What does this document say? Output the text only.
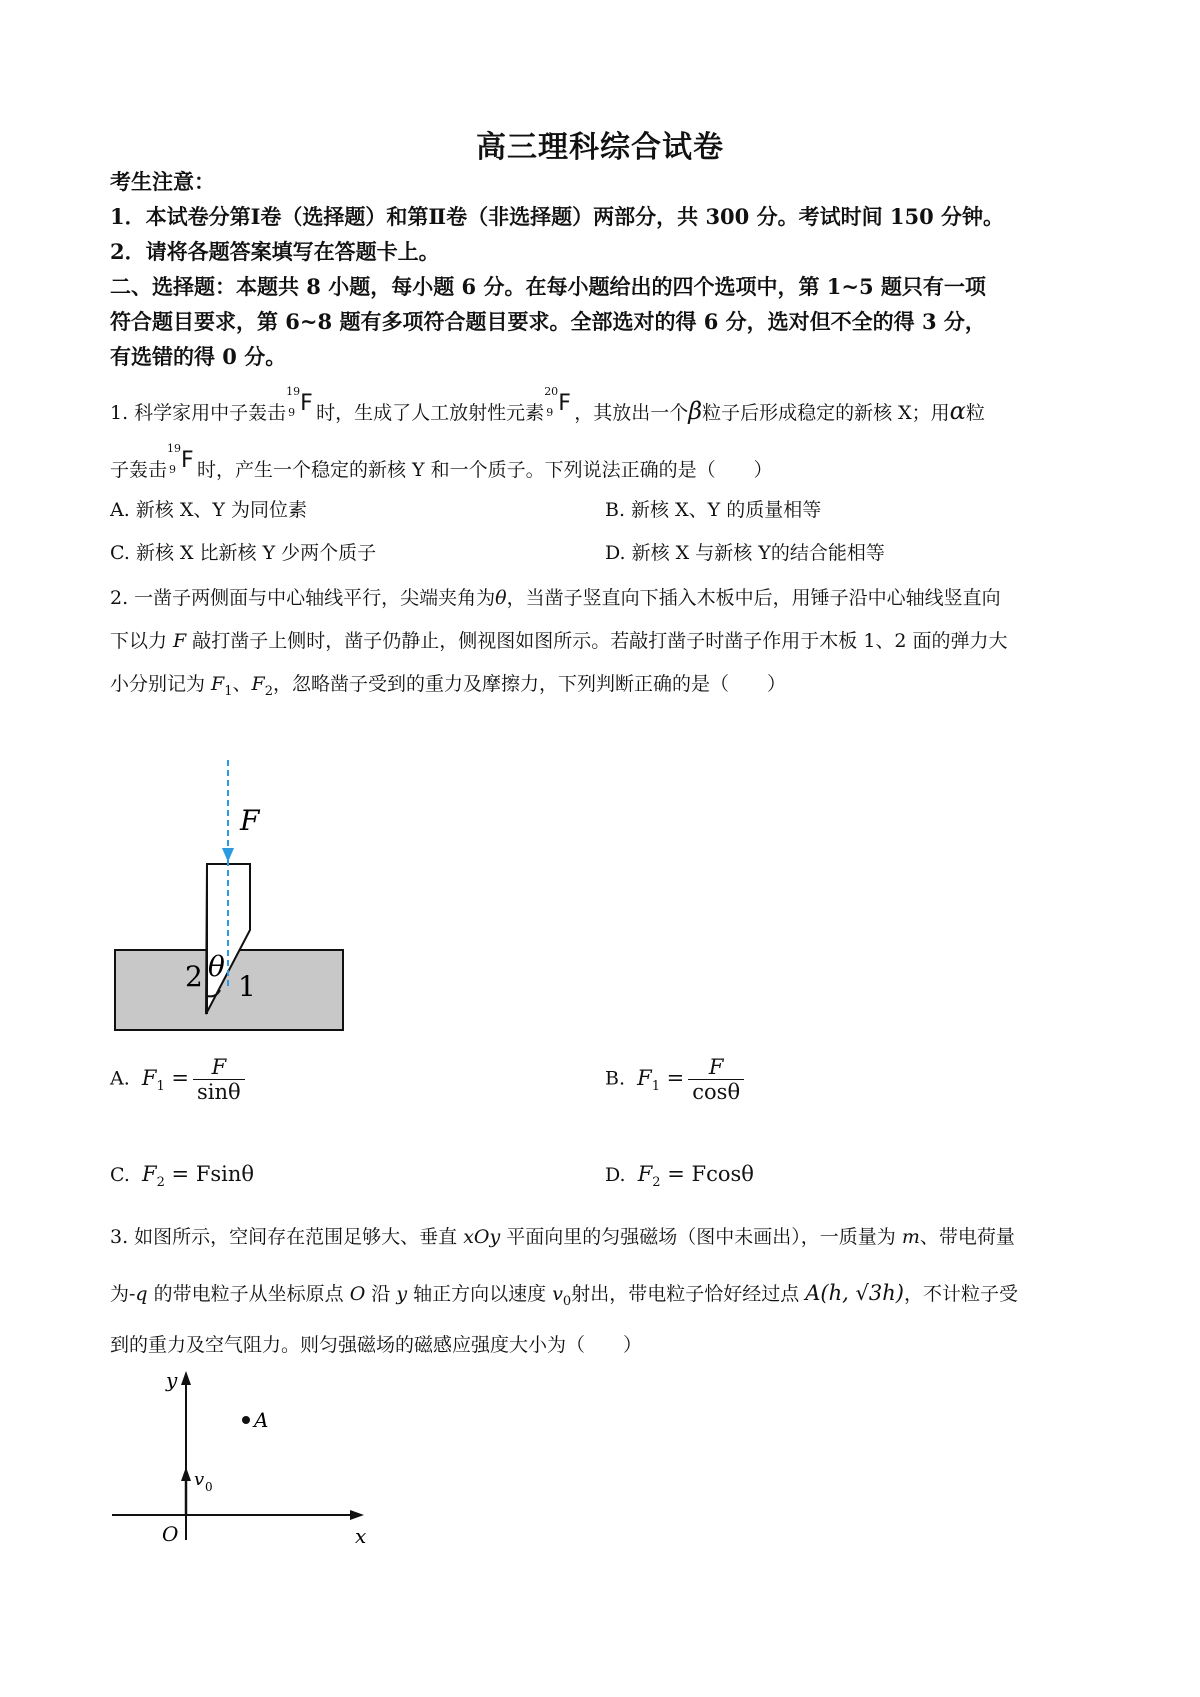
高三理科综合试卷
考生注意：
1．本试卷分第Ⅰ卷（选择题）和第Ⅱ卷（非选择题）两部分，共 300 分。考试时间 150 分钟。
2．请将各题答案填写在答题卡上。
二、选择题：本题共 8 小题，每小题 6 分。在每小题给出的四个选项中，第 1~5 题只有一项
符合题目要求，第 6~8 题有多项符合题目要求。全部选对的得 6 分，选对但不全的得 3 分，
有选错的得 0 分。
1. 科学家用中子轰击
19
9 F 时，生成了人工放射性元素
20
9 F ，其放出一个β粒子后形成稳定的新核 X；用α粒
子轰击
19
9 F 时，产生一个稳定的新核 Y 和一个质子。下列说法正确的是（　　）
A. 新核 X、Y 为同位素	B. 新核 X、Y 的质量相等
C. 新核 X 比新核 Y 少两个质子	D. 新核 X 与新核 Y的结合能相等
2. 一凿子两侧面与中心轴线平行，尖端夹角为θ，当凿子竖直向下插入木板中后，用锤子沿中心轴线竖直向
下以力 F 敲打凿子上侧时，凿子仍静止，侧视图如图所示。若敲打凿子时凿子作用于木板 1、2 面的弹力大
小分别记为 $F_1$、$F_2$，忽略凿子受到的重力及摩擦力，下列判断正确的是（　　）
F
θ
2 1
A. $F_1 = \frac{F}{\sin\theta}$	B. $F_1 = \frac{F}{\cos\theta}$
C. $F_2 = Fsin\theta$	D. $F_2 = Fcos\theta$
3. 如图所示，空间存在范围足够大、垂直 xOy 平面向里的匀强磁场（图中未画出），一质量为 m、带电荷量
为-q 的带电粒子从坐标原点 O 沿 y 轴正方向以速度 $v_0$射出，带电粒子恰好经过点 A(h, √3h)，不计粒子受
到的重力及空气阻力。则匀强磁场的磁感应强度大小为（　　）
A
y
x
O
v 0
